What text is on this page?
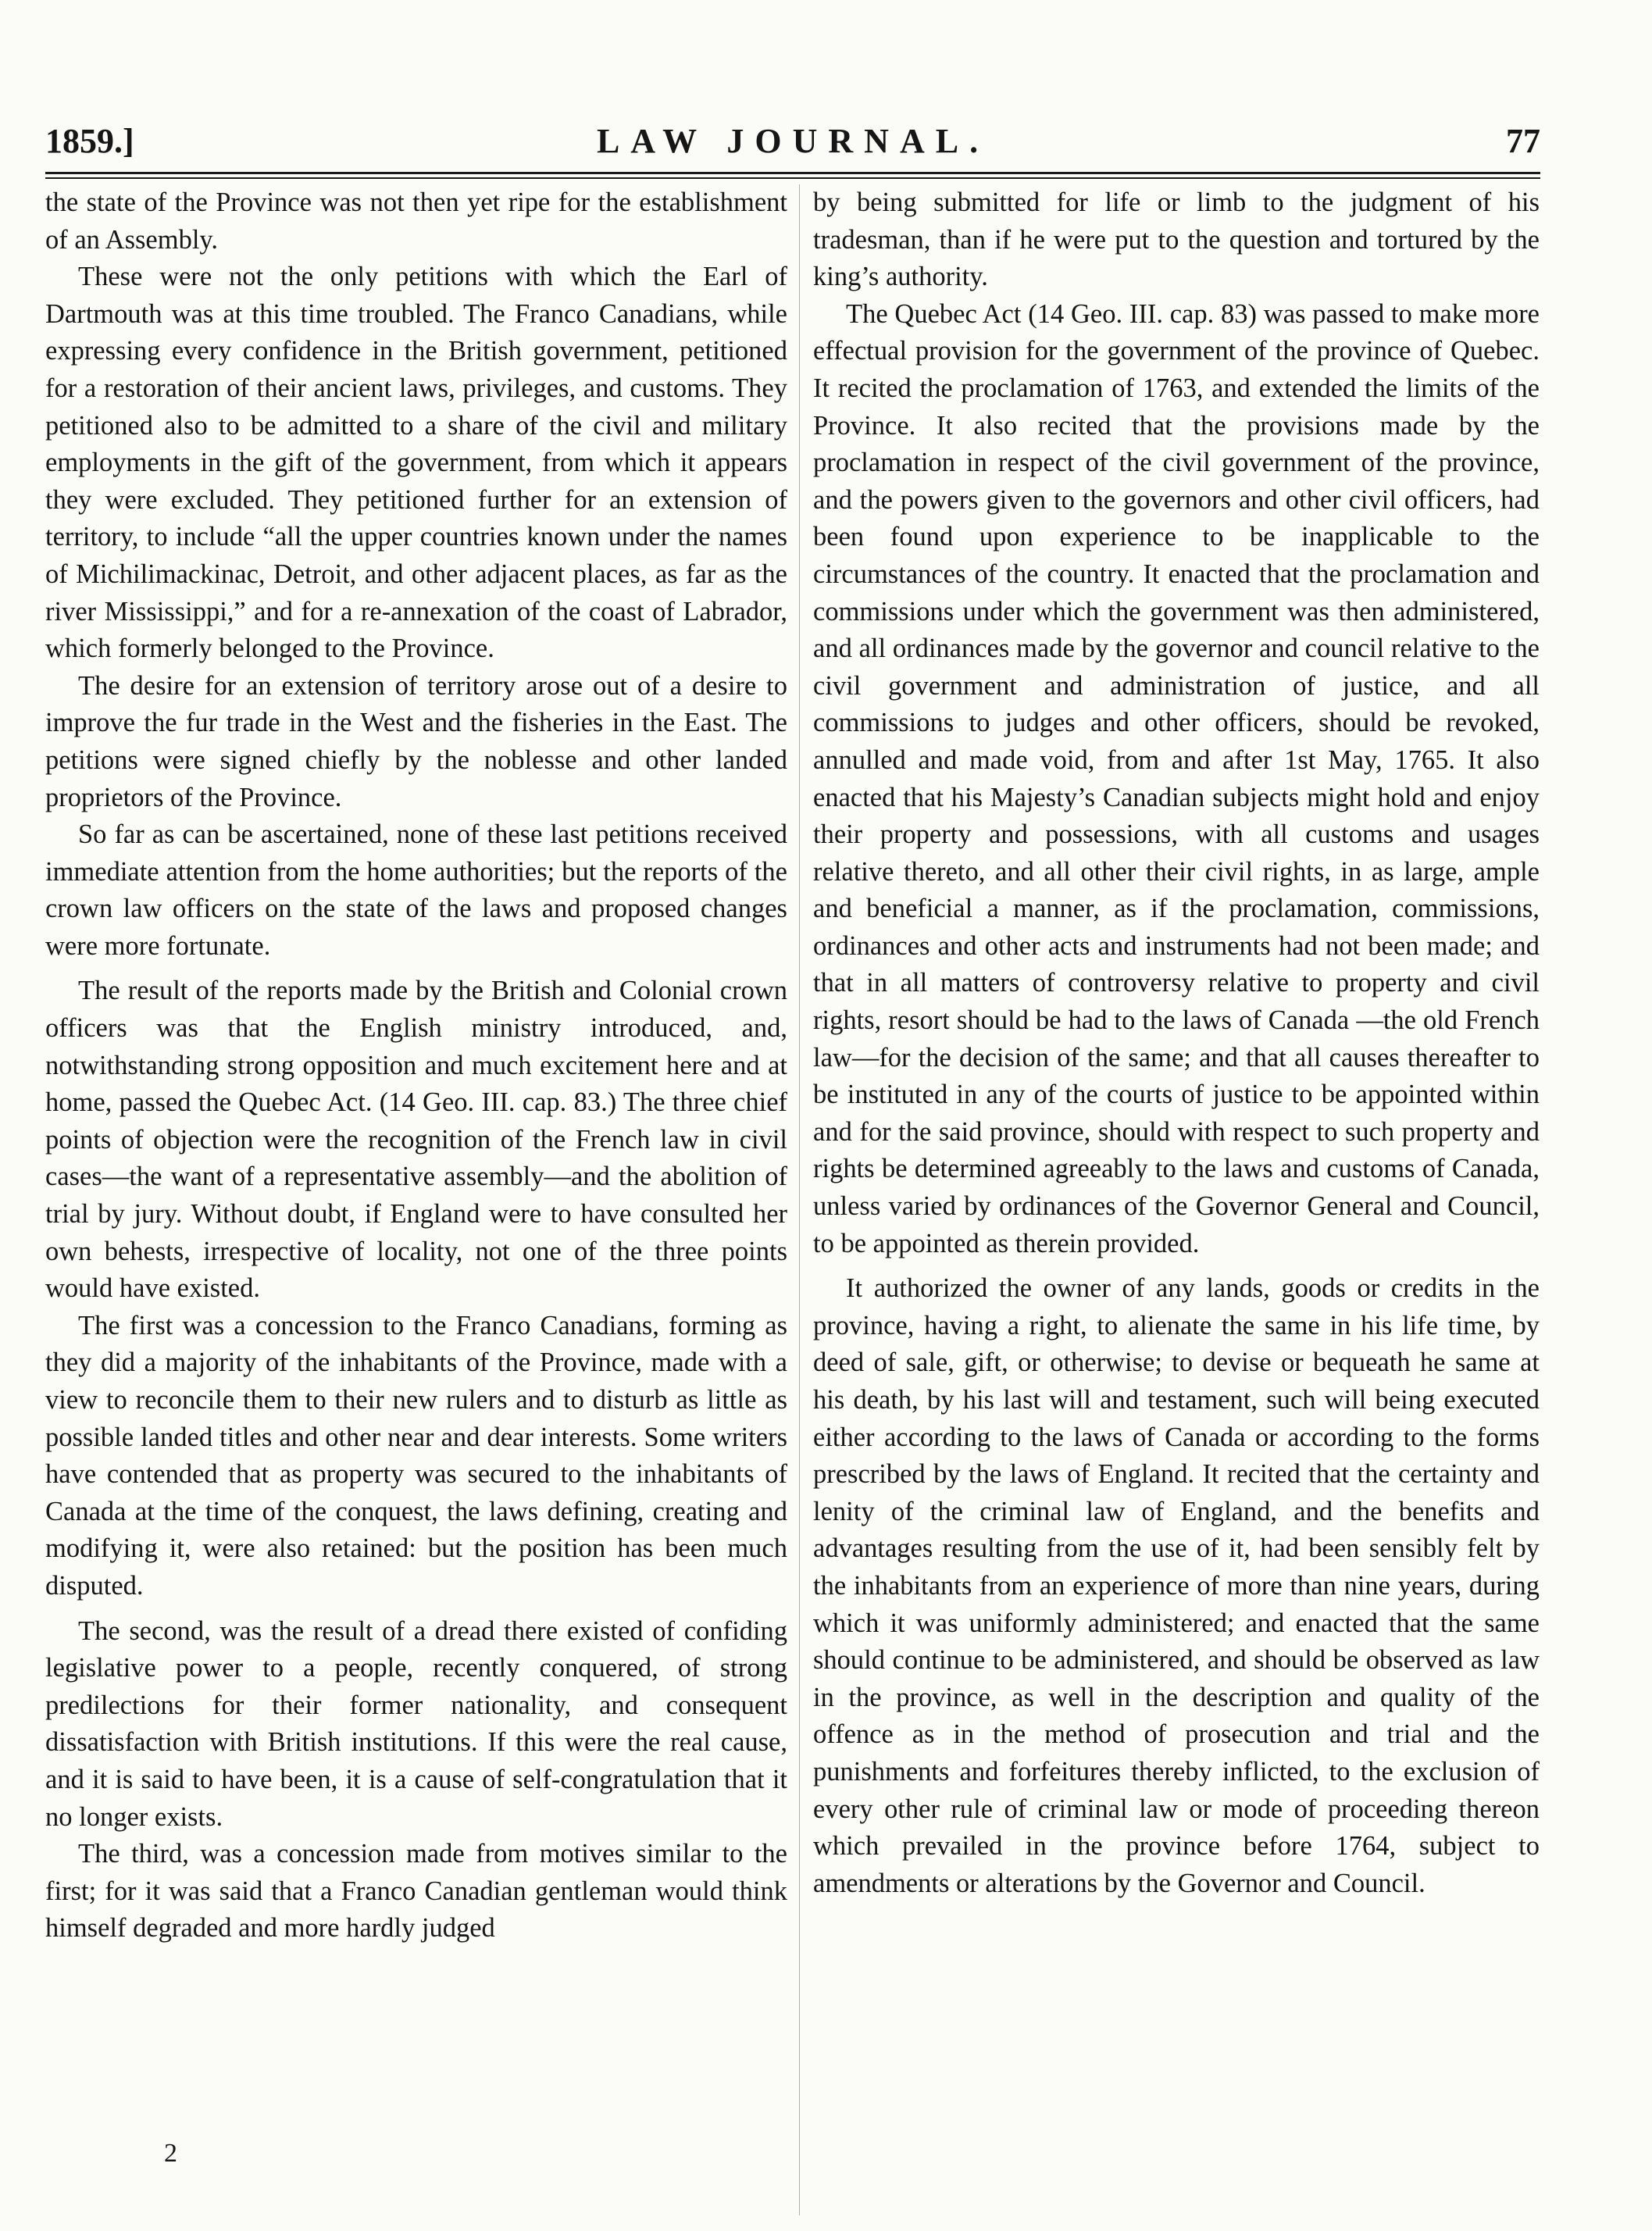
1859.]	LAW JOURNAL.	77

the state of the Province was not then yet ripe for the establishment of an Assembly.

These were not the only petitions with which the Earl of Dartmouth was at this time troubled. The Franco Canadians, while expressing every confidence in the British government, petitioned for a restoration of their ancient laws, privileges, and customs. They petitioned also to be admitted to a share of the civil and military employments in the gift of the government, from which it appears they were excluded. They petitioned further for an extension of territory, to include “all the upper countries known under the names of Michilimackinac, Detroit, and other adjacent places, as far as the river Mississippi,” and for a re-annexation of the coast of Labrador, which formerly belonged to the Province.

The desire for an extension of territory arose out of a desire to improve the fur trade in the West and the fisheries in the East. The petitions were signed chiefly by the noblesse and other landed proprietors of the Province.

So far as can be ascertained, none of these last petitions received immediate attention from the home authorities; but the reports of the crown law officers on the state of the laws and proposed changes were more fortunate.

The result of the reports made by the British and Colonial crown officers was that the English ministry introduced, and, notwithstanding strong opposition and much excitement here and at home, passed the Quebec Act. (14 Geo. III. cap. 83.) The three chief points of objection were the recognition of the French law in civil cases—the want of a representative assembly—and the abolition of trial by jury. Without doubt, if England were to have consulted her own behests, irrespective of locality, not one of the three points would have existed.

The first was a concession to the Franco Canadians, forming as they did a majority of the inhabitants of the Province, made with a view to reconcile them to their new rulers and to disturb as little as possible landed titles and other near and dear interests. Some writers have contended that as property was secured to the inhabitants of Canada at the time of the conquest, the laws defining, creating and modifying it, were also retained: but the position has been much disputed.

The second, was the result of a dread there existed of confiding legislative power to a people, recently conquered, of strong predilections for their former nationality, and consequent dissatisfaction with British institutions. If this were the real cause, and it is said to have been, it is a cause of self-congratulation that it no longer exists.

The third, was a concession made from motives similar to the first; for it was said that a Franco Canadian gentleman would think himself degraded and more hardly judged

by being submitted for life or limb to the judgment of his tradesman, than if he were put to the question and tortured by the king’s authority.

The Quebec Act (14 Geo. III. cap. 83) was passed to make more effectual provision for the government of the province of Quebec. It recited the proclamation of 1763, and extended the limits of the Province. It also recited that the provisions made by the proclamation in respect of the civil government of the province, and the powers given to the governors and other civil officers, had been found upon experience to be inapplicable to the circumstances of the country. It enacted that the proclamation and commissions under which the government was then administered, and all ordinances made by the governor and council relative to the civil government and administration of justice, and all commissions to judges and other officers, should be revoked, annulled and made void, from and after 1st May, 1765. It also enacted that his Majesty’s Canadian subjects might hold and enjoy their property and possessions, with all customs and usages relative thereto, and all other their civil rights, in as large, ample and beneficial a manner, as if the proclamation, commissions, ordinances and other acts and instruments had not been made; and that in all matters of controversy relative to property and civil rights, resort should be had to the laws of Canada —the old French law—for the decision of the same; and that all causes thereafter to be instituted in any of the courts of justice to be appointed within and for the said province, should with respect to such property and rights be determined agreeably to the laws and customs of Canada, unless varied by ordinances of the Governor General and Council, to be appointed as therein provided.

It authorized the owner of any lands, goods or credits in the province, having a right, to alienate the same in his life time, by deed of sale, gift, or otherwise; to devise or bequeath he same at his death, by his last will and testament, such will being executed either according to the laws of Canada or according to the forms prescribed by the laws of England. It recited that the certainty and lenity of the criminal law of England, and the benefits and advantages resulting from the use of it, had been sensibly felt by the inhabitants from an experience of more than nine years, during which it was uniformly administered; and enacted that the same should continue to be administered, and should be observed as law in the province, as well in the description and quality of the offence as in the method of prosecution and trial and the punishments and forfeitures thereby inflicted, to the exclusion of every other rule of criminal law or mode of proceeding thereon which prevailed in the province before 1764, subject to amendments or alterations by the Governor and Council.

2
